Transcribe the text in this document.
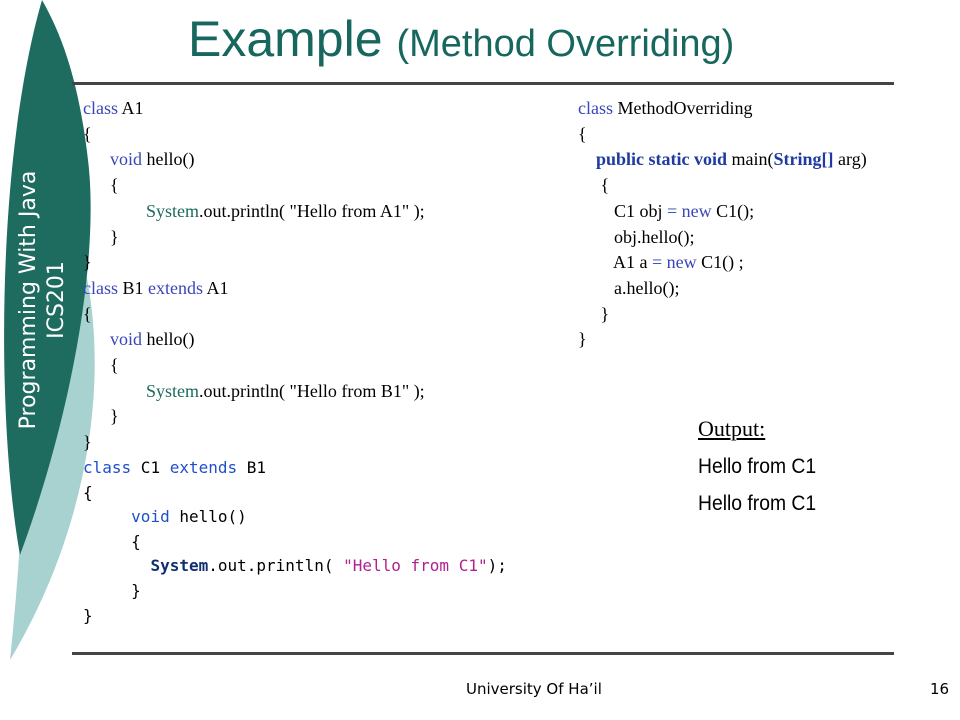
Programming With Java ICS201
Example (Method Overriding)
class A1
{
void hello()
{
System.out.println( "Hello from A1" );
}
}
class B1 extends A1
{
void hello()
{
System.out.println( "Hello from B1" );
}
}
class C1 extends B1
{
void hello()
{
System.out.println( "Hello from C1");
}
}
class MethodOverriding
{
public static void main(String[] arg)
{
C1 obj = new C1();
obj.hello();
A1 a = new C1() ;
a.hello();
}
}
Output:
Hello from C1
Hello from C1
University Of Ha’il	16
